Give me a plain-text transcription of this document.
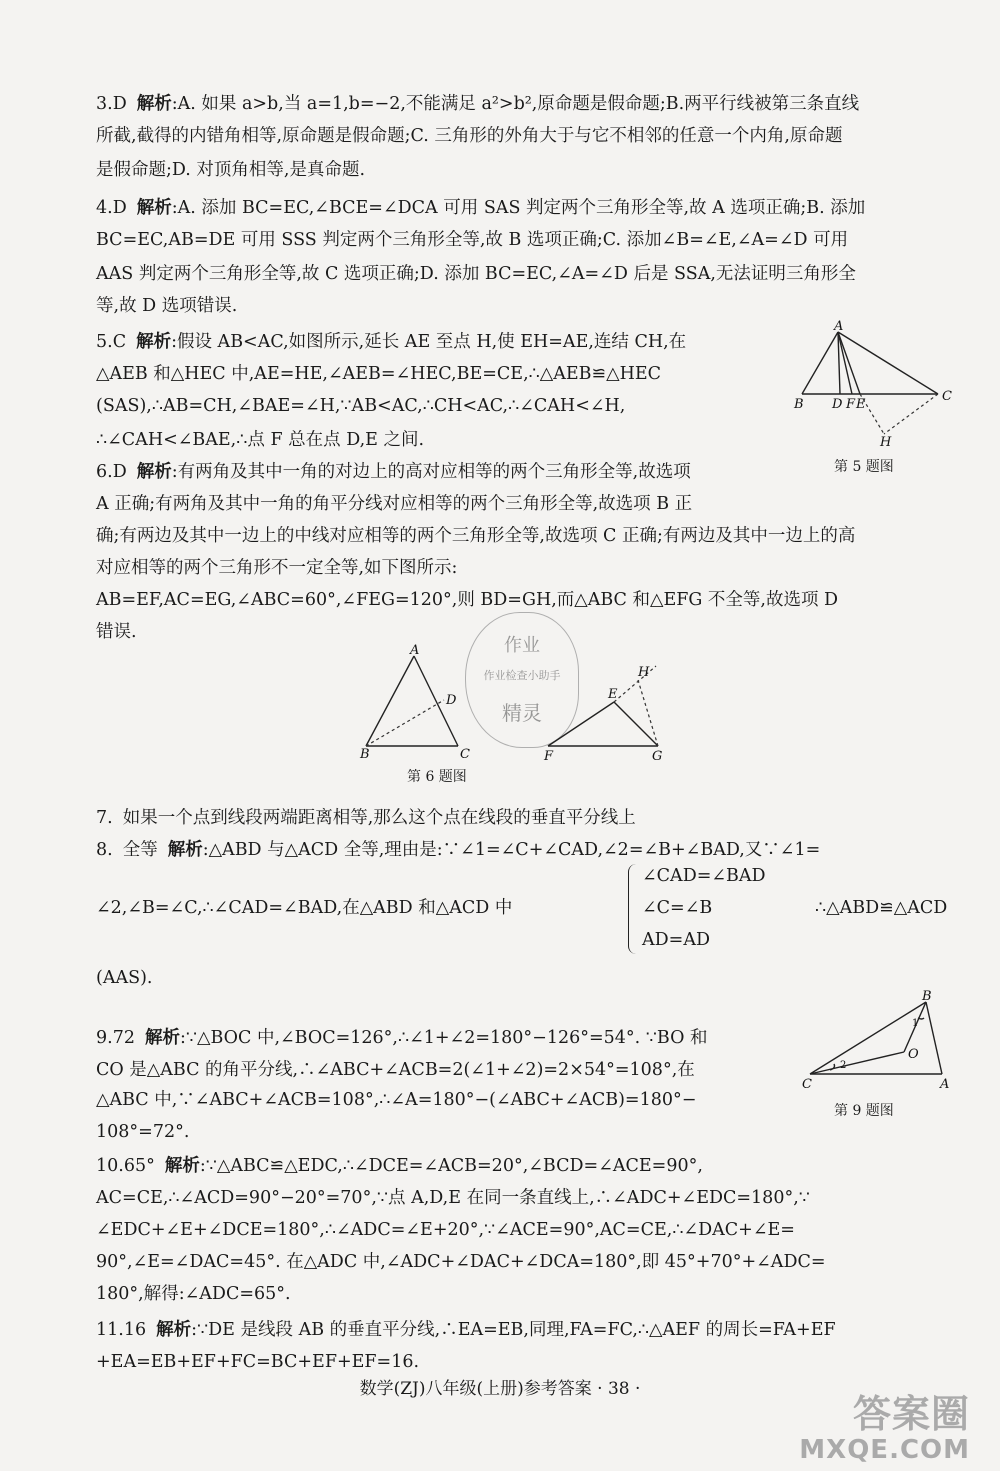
3.D 解析:A. 如果 a>b,当 a=1,b=−2,不能满足 a²>b²,原命题是假命题;B.两平行线被第三条直线
所截,截得的内错角相等,原命题是假命题;C. 三角形的外角大于与它不相邻的任意一个内角,原命题
是假命题;D. 对顶角相等,是真命题.
4.D 解析:A. 添加 BC=EC,∠BCE=∠DCA 可用 SAS 判定两个三角形全等,故 A 选项正确;B. 添加
BC=EC,AB=DE 可用 SSS 判定两个三角形全等,故 B 选项正确;C. 添加∠B=∠E,∠A=∠D 可用
AAS 判定两个三角形全等,故 C 选项正确;D. 添加 BC=EC,∠A=∠D 后是 SSA,无法证明三角形全
等,故 D 选项错误.
5.C 解析:假设 AB<AC,如图所示,延长 AE 至点 H,使 EH=AE,连结 CH,在
△AEB 和△HEC 中,AE=HE,∠AEB=∠HEC,BE=CE,∴△AEB≌△HEC
(SAS),∴AB=CH,∠BAE=∠H,∵AB<AC,∴CH<AC,∴∠CAH<∠H,
∴∠CAH<∠BAE,∴点 F 总在点 D,E 之间.
6.D 解析:有两角及其中一角的对边上的高对应相等的两个三角形全等,故选项
A 正确;有两角及其中一角的角平分线对应相等的两个三角形全等,故选项 B 正
确;有两边及其中一边上的中线对应相等的两个三角形全等,故选项 C 正确;有两边及其中一边上的高
对应相等的两个三角形不一定全等,如下图所示:
AB=EF,AC=EG,∠ABC=60°,∠FEG=120°,则 BD=GH,而△ABC 和△EFG 不全等,故选项 D
错误.
7. 如果一个点到线段两端距离相等,那么这个点在线段的垂直平分线上
8. 全等 解析:△ABD 与△ACD 全等,理由是:∵∠1=∠C+∠CAD,∠2=∠B+∠BAD,又∵∠1=
∠2,∠B=∠C,∴∠CAD=∠BAD,在△ABD 和△ACD 中
(AAS).
9.72 解析:∵△BOC 中,∠BOC=126°,∴∠1+∠2=180°−126°=54°. ∵BO 和
CO 是△ABC 的角平分线,∴∠ABC+∠ACB=2(∠1+∠2)=2×54°=108°,在
△ABC 中,∵∠ABC+∠ACB=108°,∴∠A=180°−(∠ABC+∠ACB)=180°−
108°=72°.
10.65° 解析:∵△ABC≌△EDC,∴∠DCE=∠ACB=20°,∠BCD=∠ACE=90°,
AC=CE,∴∠ACD=90°−20°=70°,∵点 A,D,E 在同一条直线上,∴∠ADC+∠EDC=180°,∵
∠EDC+∠E+∠DCE=180°,∴∠ADC=∠E+20°,∵∠ACE=90°,AC=CE,∴∠DAC+∠E=
90°,∠E=∠DAC=45°. 在△ADC 中,∠ADC+∠DAC+∠DCA=180°,即 45°+70°+∠ADC=
180°,解得:∠ADC=65°.
11.16 解析:∵DE 是线段 AB 的垂直平分线,∴EA=EB,同理,FA=FC,∴△AEF 的周长=FA+EF
+EA=EB+EF+FC=BC+EF+EF=16.
∠CAD=∠BAD
∠C=∠B
AD=AD
∴△ABD≌△ACD
A
B D F E
C
H
第 5 题图
作业
作业检查小助手
精灵
A
B	C
D	E
F	G
H
第 6 题图
B
O
C	A
1
2
第 9 题图
数学(ZJ)八年级(上册)参考答案 · 38 ·
答案圈
MXQE.COM
